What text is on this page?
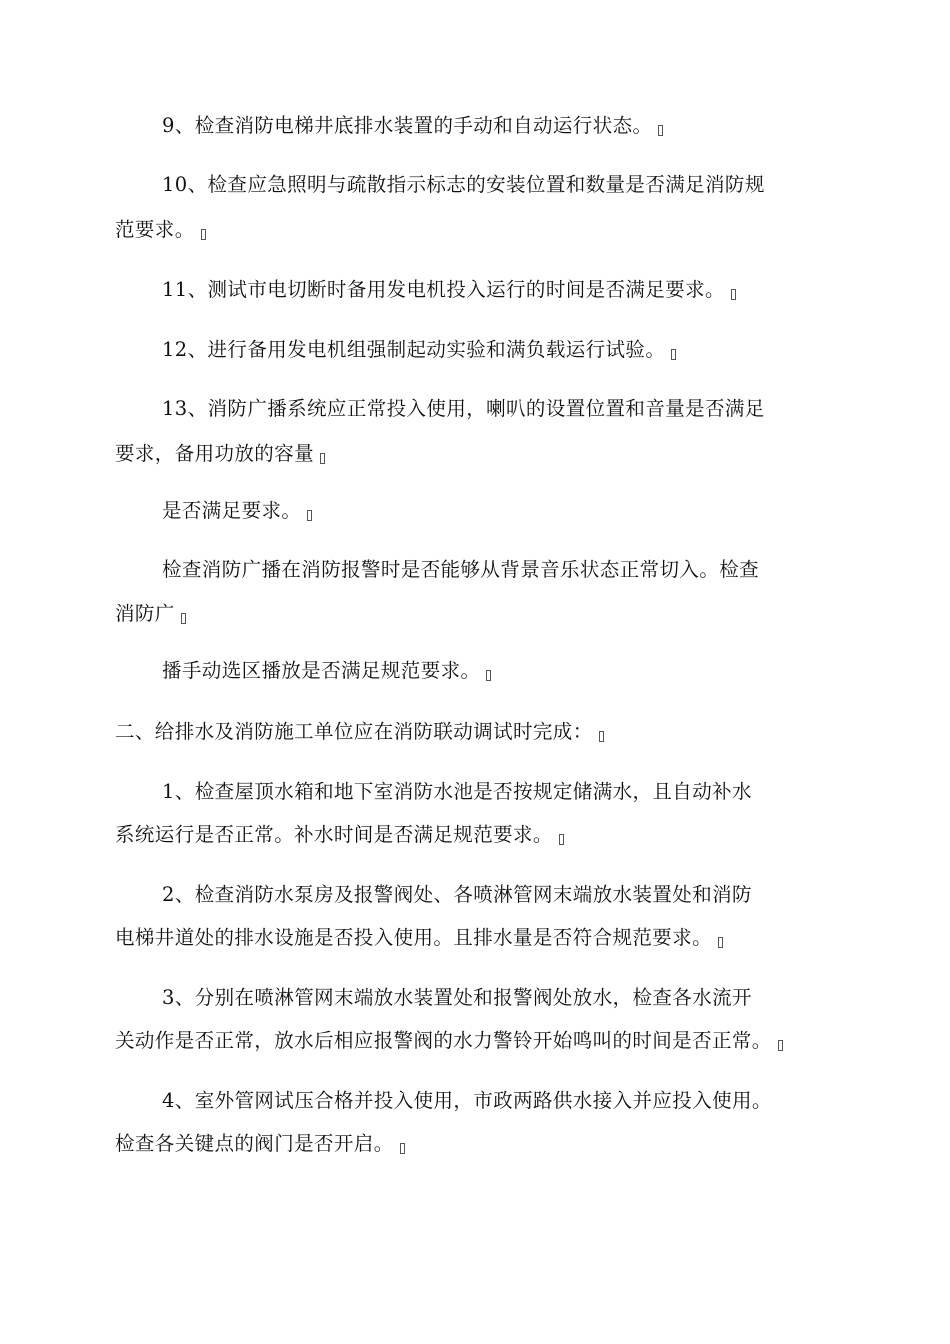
9、检查消防电梯井底排水装置的手动和自动运行状态。
10、检查应急照明与疏散指示标志的安装位置和数量是否满足消防规
范要求。
11、测试市电切断时备用发电机投入运行的时间是否满足要求。
12、进行备用发电机组强制起动实验和满负载运行试验。
13、消防广播系统应正常投入使用，喇叭的设置位置和音量是否满足
要求，备用功放的容量
是否满足要求。
检查消防广播在消防报警时是否能够从背景音乐状态正常切入。检查
消防广
播手动选区播放是否满足规范要求。
二、给排水及消防施工单位应在消防联动调试时完成：
1、检查屋顶水箱和地下室消防水池是否按规定储满水，且自动补水
系统运行是否正常。补水时间是否满足规范要求。
2、检查消防水泵房及报警阀处、各喷淋管网末端放水装置处和消防
电梯井道处的排水设施是否投入使用。且排水量是否符合规范要求。
3、分别在喷淋管网末端放水装置处和报警阀处放水，检查各水流开
关动作是否正常，放水后相应报警阀的水力警铃开始鸣叫的时间是否正常。
4、室外管网试压合格并投入使用，市政两路供水接入并应投入使用。
检查各关键点的阀门是否开启。
